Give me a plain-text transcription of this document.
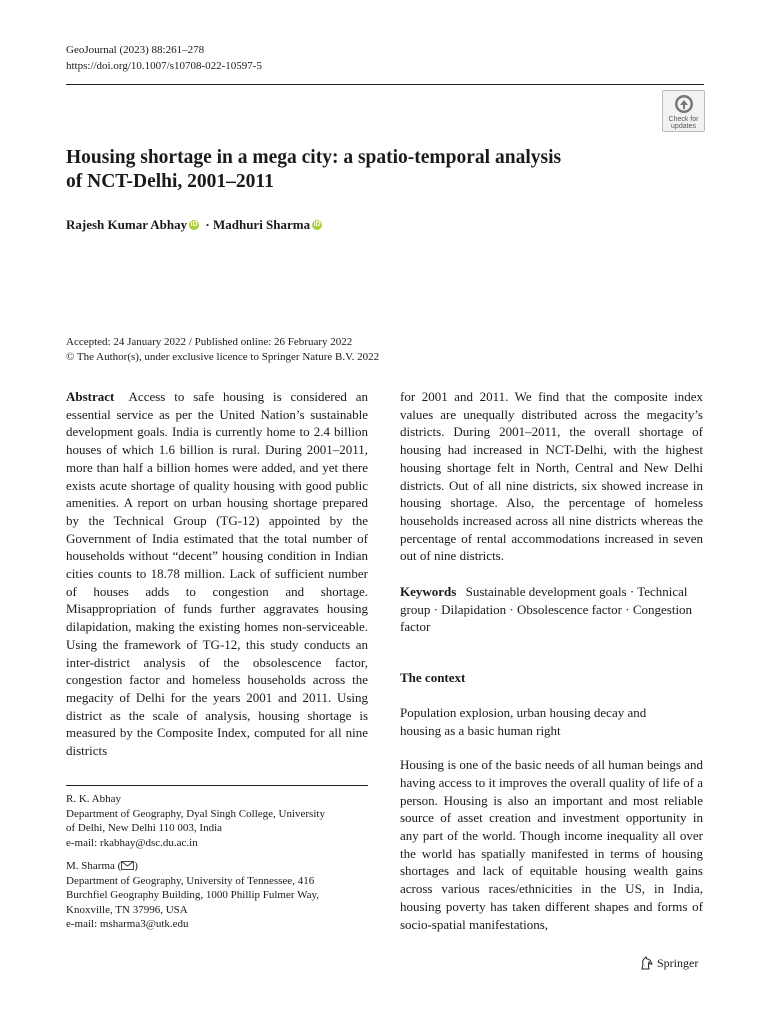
GeoJournal (2023) 88:261–278
https://doi.org/10.1007/s10708-022-10597-5
Check for
updates
Housing shortage in a mega city: a spatio-temporal analysis
of NCT-Delhi, 2001–2011
Rajesh Kumar Abhay iD · Madhuri Sharma iD
Accepted: 24 January 2022 / Published online: 26 February 2022
© The Author(s), under exclusive licence to Springer Nature B.V. 2022
Abstract Access to safe housing is considered an essential service as per the United Nation’s sustainable development goals. India is currently home to 2.4 billion houses of which 1.6 billion is rural. During 2001–2011, more than half a billion homes were added, and yet there exists acute shortage of quality housing with good public amenities. A report on urban housing shortage prepared by the Technical Group (TG-12) appointed by the Government of India estimated that the total number of households without “decent” housing condition in Indian cities counts to 18.78 million. Lack of sufficient number of houses adds to congestion and shortage. Misappropriation of funds further aggravates housing dilapidation, making the existing homes non-serviceable. Using the framework of TG-12, this study conducts an inter-district analysis of the obsolescence factor, congestion factor and homeless households across the megacity of Delhi for the years 2001 and 2011. Using district as the scale of analysis, housing shortage is measured by the Composite Index, computed for all nine districts
for 2001 and 2011. We find that the composite index values are unequally distributed across the megacity’s districts. During 2001–2011, the overall shortage of housing had increased in NCT-Delhi, with the highest housing shortage felt in North, Central and New Delhi districts. Out of all nine districts, six showed increase in housing shortage. Also, the percentage of homeless households increased across all nine districts whereas the percentage of rental accommodations increased in seven out of nine districts.
Keywords Sustainable development goals · Technical group · Dilapidation · Obsolescence factor · Congestion factor
The context
Population explosion, urban housing decay and housing as a basic human right
Housing is one of the basic needs of all human beings and having access to it improves the overall quality of life of a person. Housing is also an important and most reliable source of asset creation and investment opportunity in any part of the world. Though income inequality all over the world has spatially manifested in terms of housing shortages and lack of equitable housing wealth gains across various races/ethnicities in the US, in India, housing poverty has taken different shapes and forms of socio-spatial manifestations,
R. K. Abhay
Department of Geography, Dyal Singh College, University
of Delhi, New Delhi 110 003, India
e-mail: rkabhay@dsc.du.ac.in
M. Sharma ( )
Department of Geography, University of Tennessee, 416
Burchfiel Geography Building, 1000 Phillip Fulmer Way,
Knoxville, TN 37996, USA
e-mail: msharma3@utk.edu
Springer
